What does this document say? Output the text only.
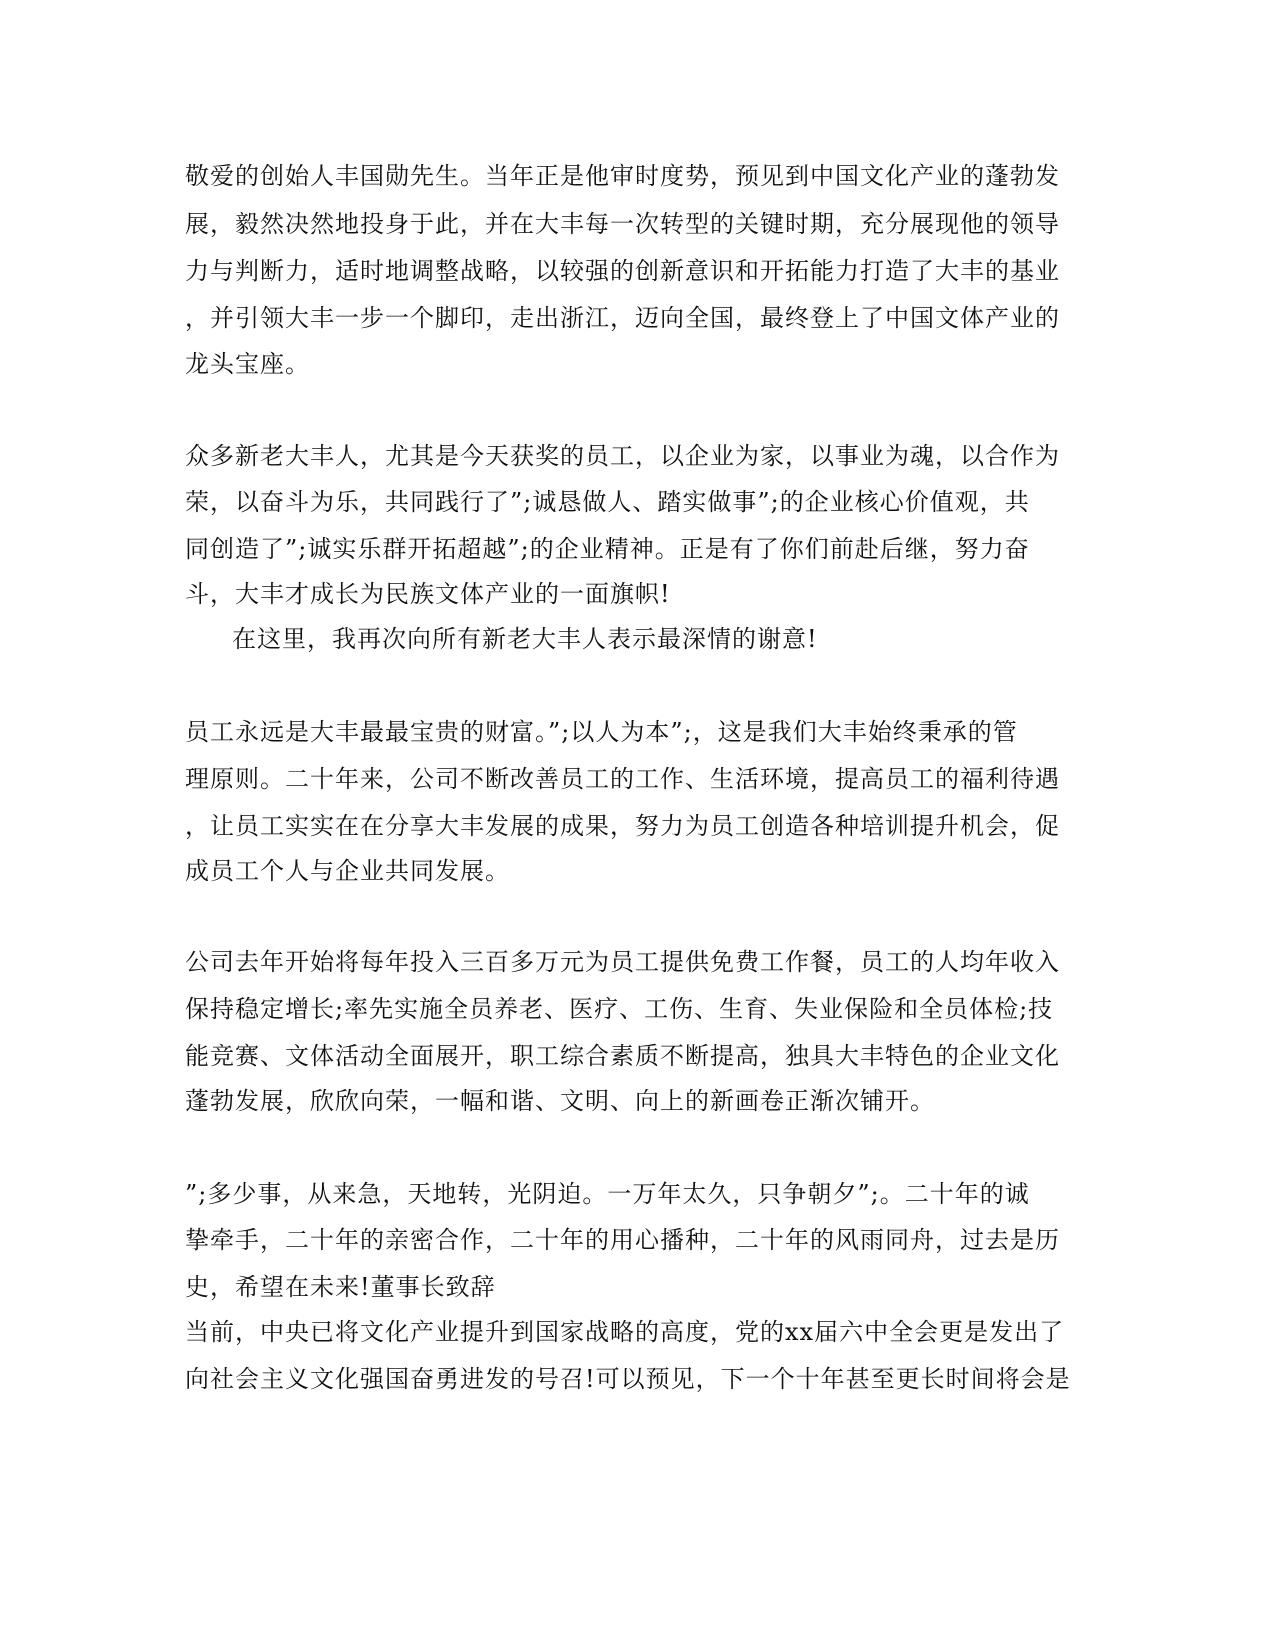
敬爱的创始人丰国勋先生。当年正是他审时度势，预见到中国文化产业的蓬勃发
展，毅然决然地投身于此，并在大丰每一次转型的关键时期，充分展现他的领导
力与判断力，适时地调整战略，以较强的创新意识和开拓能力打造了大丰的基业
，并引领大丰一步一个脚印，走出浙江，迈向全国，最终登上了中国文体产业的
龙头宝座。
众多新老大丰人，尤其是今天获奖的员工，以企业为家，以事业为魂，以合作为
荣，以奋斗为乐，共同践行了”;诚恳做人、踏实做事”;的企业核心价值观，共
同创造了”;诚实乐群开拓超越”;的企业精神。正是有了你们前赴后继，努力奋
斗，大丰才成长为民族文体产业的一面旗帜!
在这里，我再次向所有新老大丰人表示最深情的谢意!
员工永远是大丰最最宝贵的财富。”;以人为本”;，这是我们大丰始终秉承的管
理原则。二十年来，公司不断改善员工的工作、生活环境，提高员工的福利待遇
，让员工实实在在分享大丰发展的成果，努力为员工创造各种培训提升机会，促
成员工个人与企业共同发展。
公司去年开始将每年投入三百多万元为员工提供免费工作餐，员工的人均年收入
保持稳定增长;率先实施全员养老、医疗、工伤、生育、失业保险和全员体检;技
能竞赛、文体活动全面展开，职工综合素质不断提高，独具大丰特色的企业文化
蓬勃发展，欣欣向荣，一幅和谐、文明、向上的新画卷正渐次铺开。
”;多少事，从来急，天地转，光阴迫。一万年太久，只争朝夕”;。二十年的诚
挚牵手，二十年的亲密合作，二十年的用心播种，二十年的风雨同舟，过去是历
史，希望在未来!董事长致辞
当前，中央已将文化产业提升到国家战略的高度，党的xx届六中全会更是发出了
向社会主义文化强国奋勇进发的号召!可以预见，下一个十年甚至更长时间将会是
